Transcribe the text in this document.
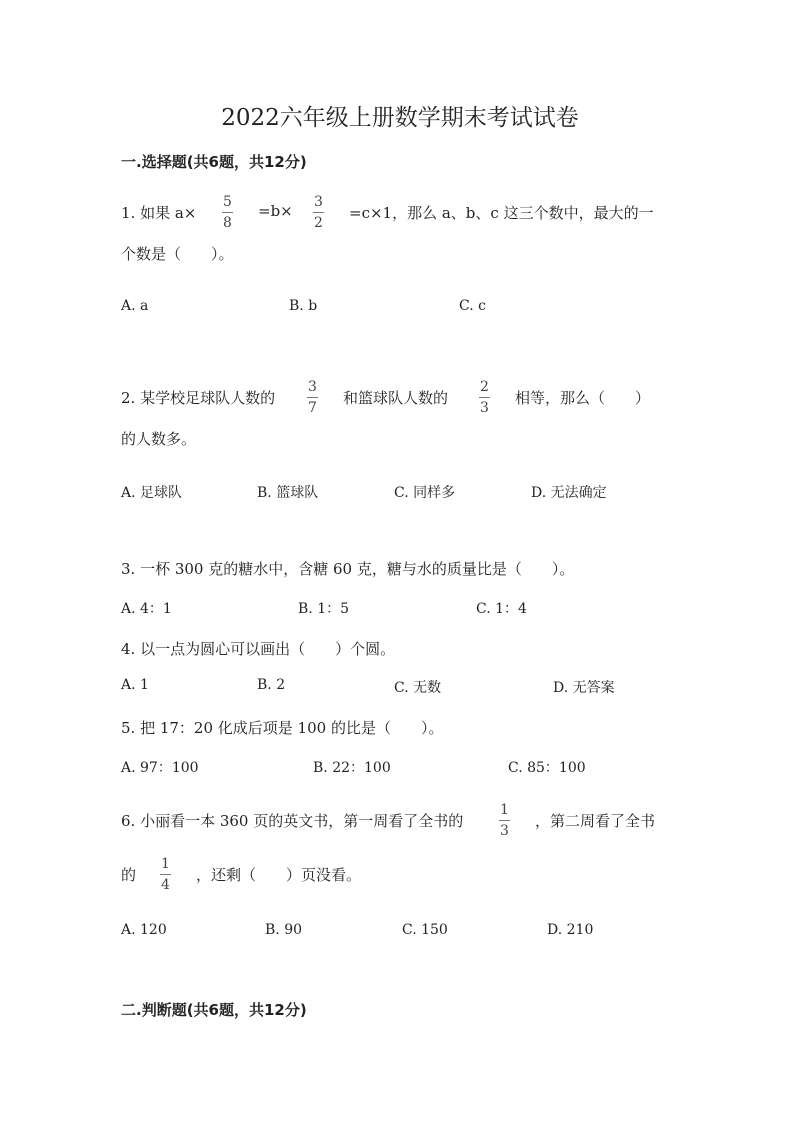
2022六年级上册数学期末考试试卷
一.选择题(共6题，共12分)
1. 如果 a×
5
8
=b× 3
2
=c×1，那么 a、b、c 这三个数中，最大的一
个数是（　　）。
A. a	B. b	C. c
2. 某学校足球队人数的
3
7
和篮球队人数的
2
3
相等，那么（　　）
的人数多。
A. 足球队	B. 篮球队	C. 同样多	D. 无法确定
3. 一杯 300 克的糖水中，含糖 60 克，糖与水的质量比是（　　）。
A. 4：1	B. 1：5	C. 1：4
4. 以一点为圆心可以画出（　　）个圆。
A. 1	B. 2	C. 无数	D. 无答案
5. 把 17：20 化成后项是 100 的比是（　　）。
A. 97：100	B. 22：100	C. 85：100
6. 小丽看一本 360 页的英文书，第一周看了全书的
1
3
，第二周看了全书
的
1
4
，还剩（　　）页没看。
A. 120	B. 90	C. 150	D. 210
二.判断题(共6题，共12分)
